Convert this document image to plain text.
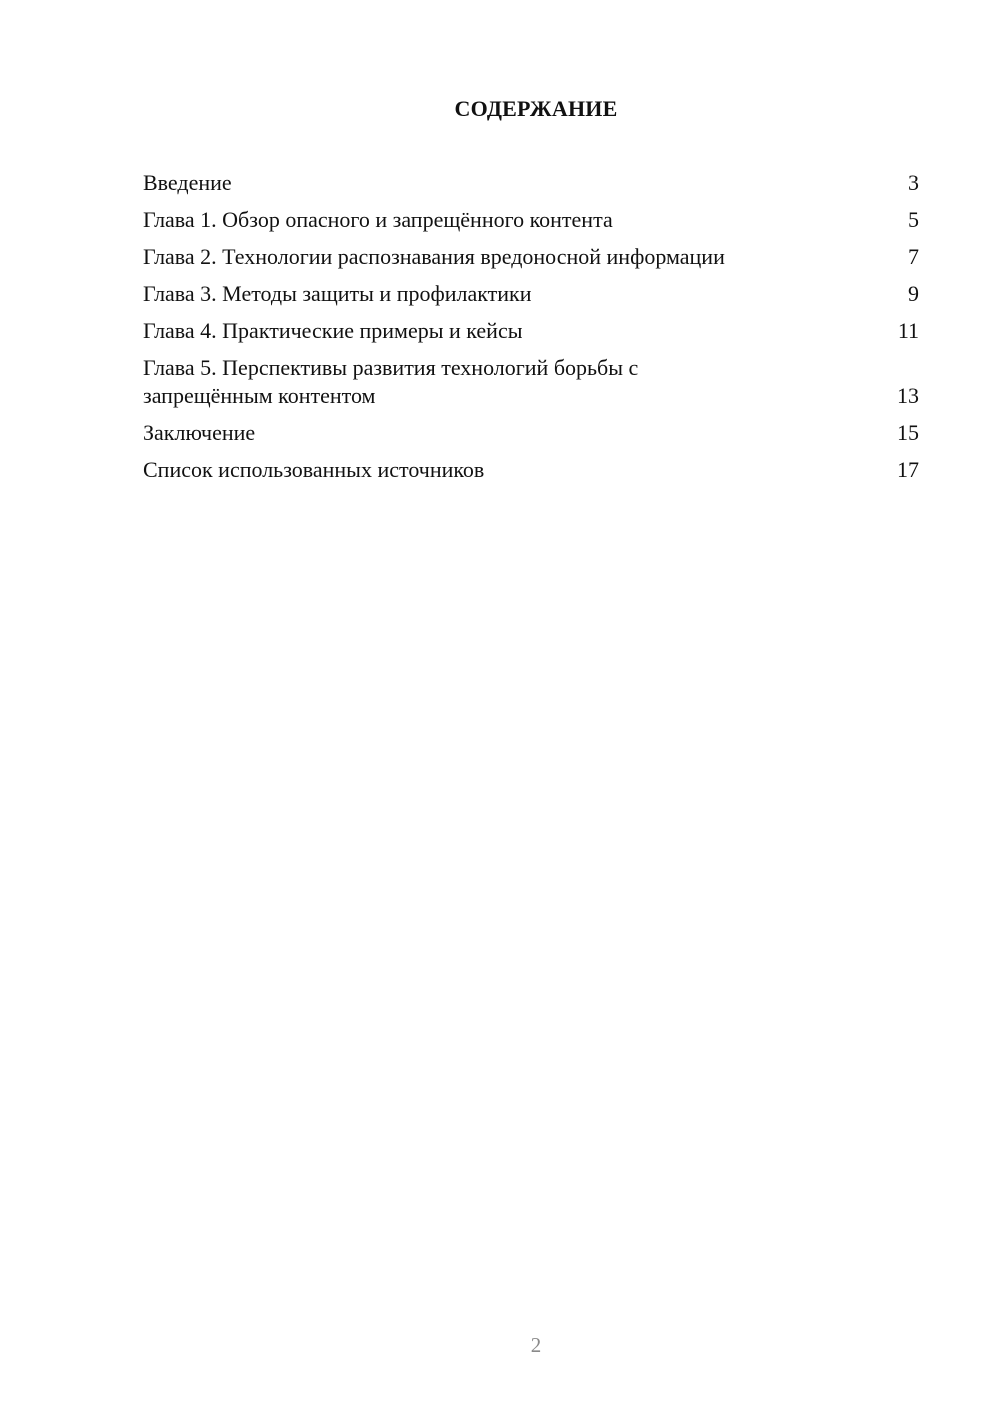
СОДЕРЖАНИЕ
Введение	3
Глава 1. Обзор опасного и запрещённого контента	5
Глава 2. Технологии распознавания вредоносной информации	7
Глава 3. Методы защиты и профилактики	9
Глава 4. Практические примеры и кейсы	11
Глава 5. Перспективы развития технологий борьбы с запрещённым контентом	13
Заключение	15
Список использованных источников	17
2
